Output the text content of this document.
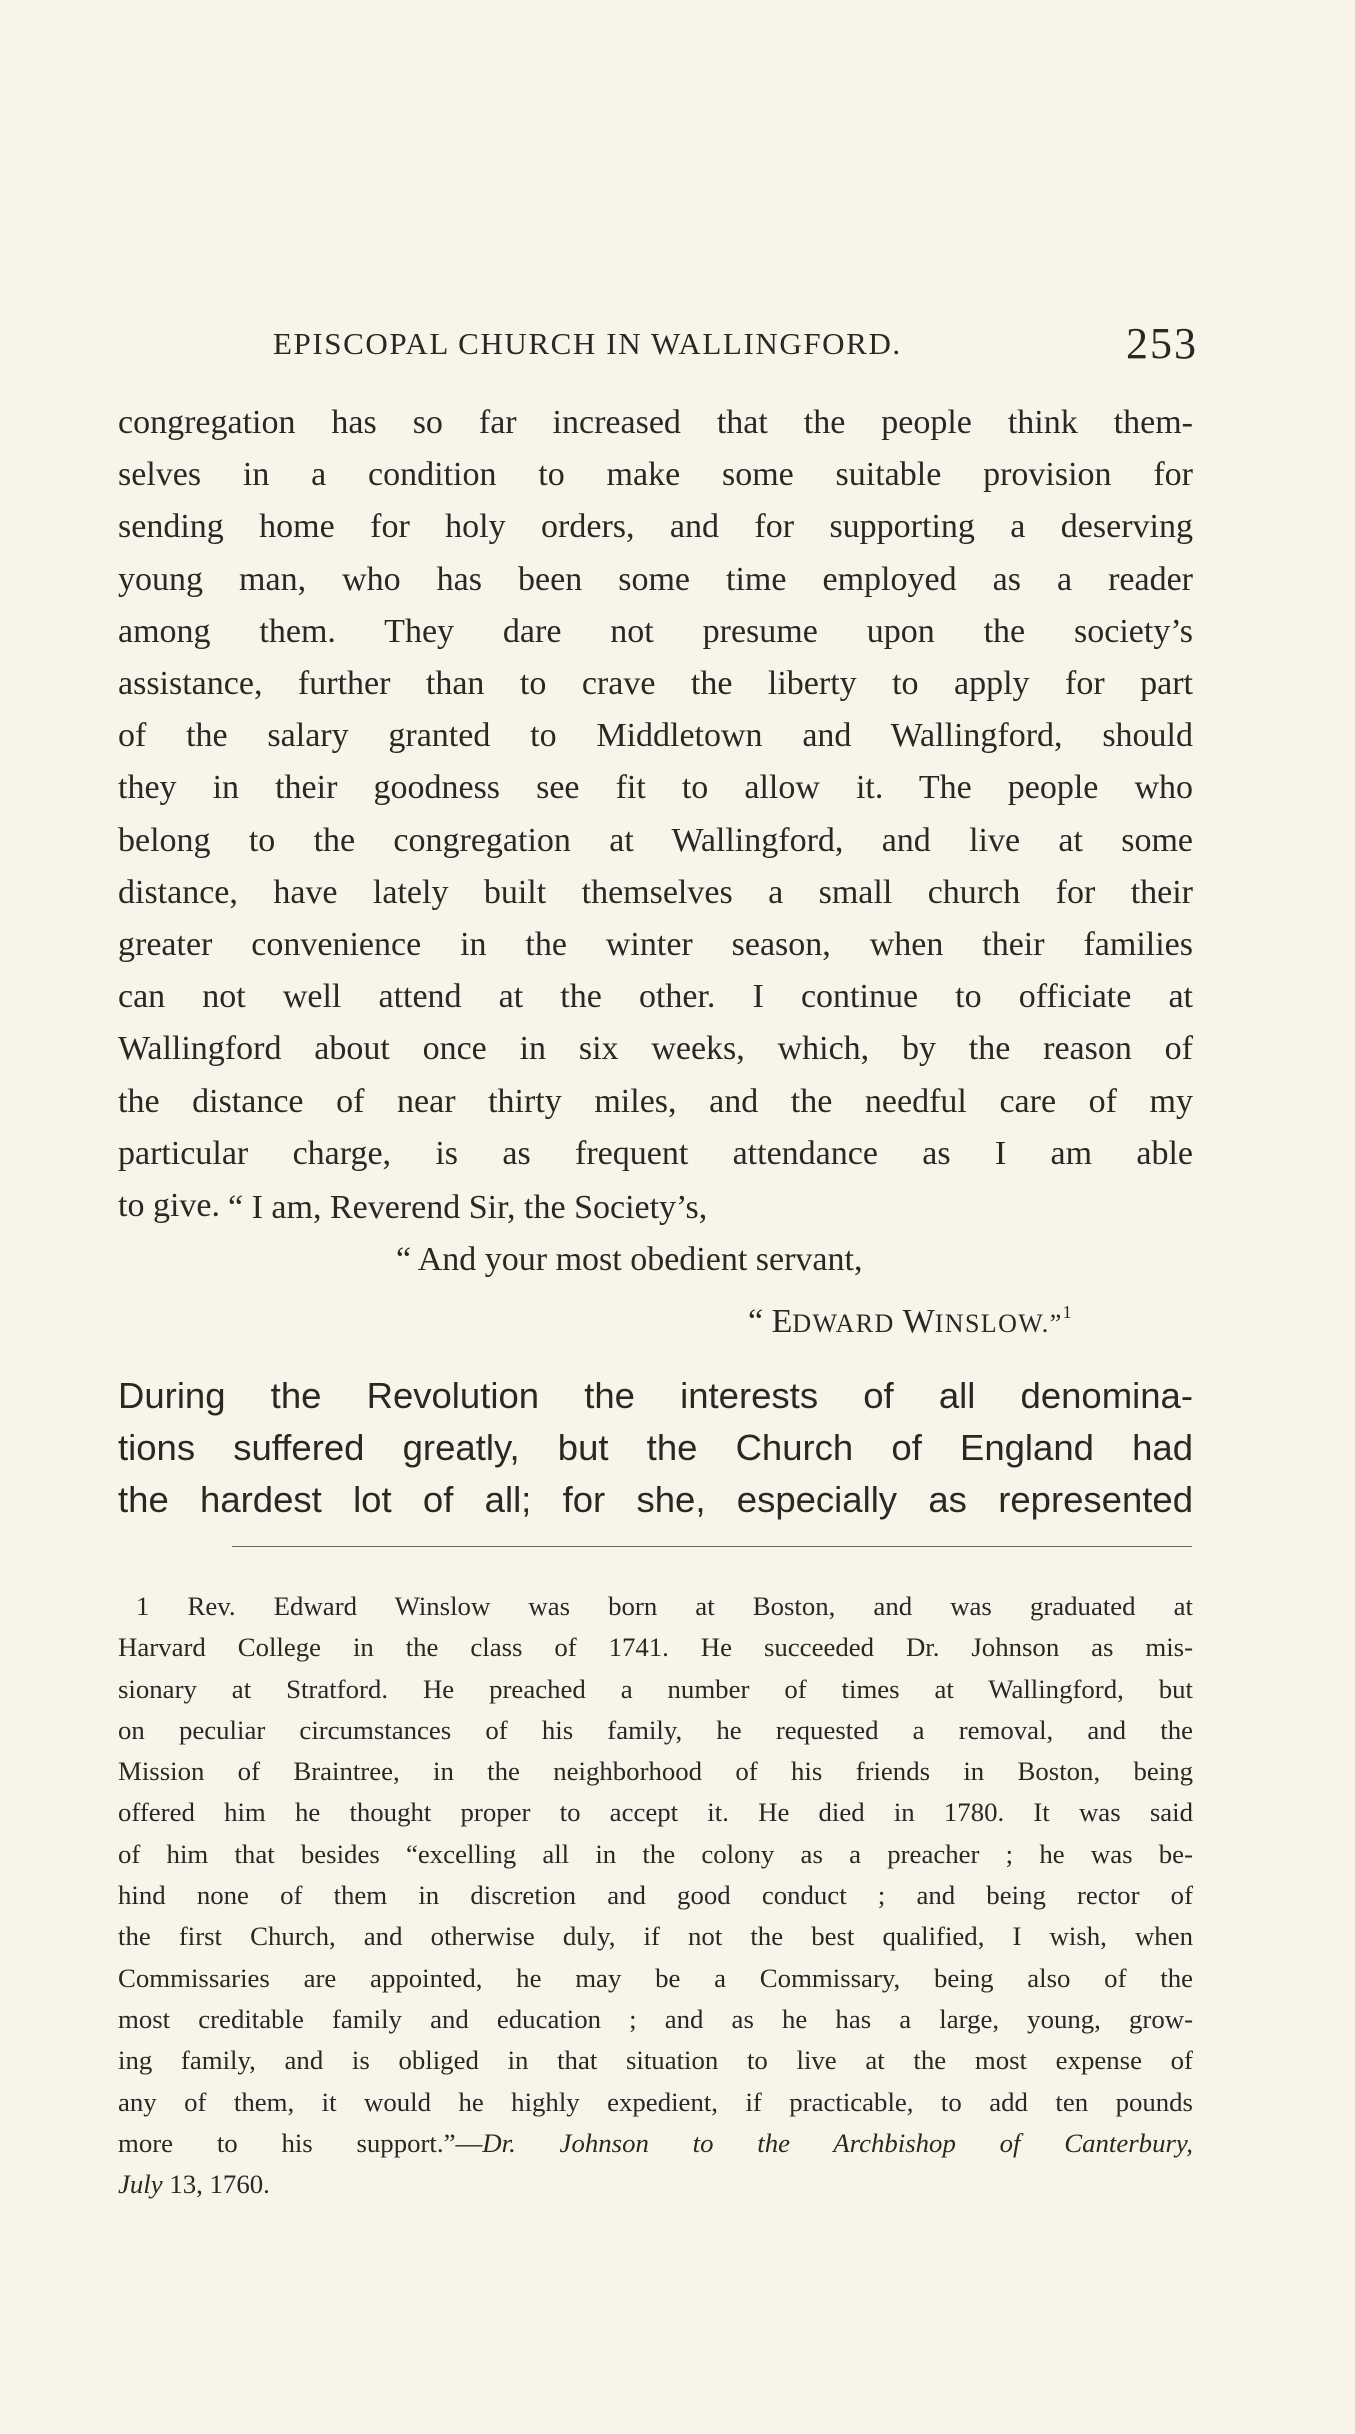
EPISCOPAL CHURCH IN WALLINGFORD.	253
congregation has so far increased that the people think them-
selves in a condition to make some suitable provision for
sending home for holy orders, and for supporting a deserving
young man, who has been some time employed as a reader
among them. They dare not presume upon the society’s
assistance, further than to crave the liberty to apply for part
of the salary granted to Middletown and Wallingford, should
they in their goodness see fit to allow it. The people who
belong to the congregation at Wallingford, and live at some
distance, have lately built themselves a small church for their
greater convenience in the winter season, when their families
can not well attend at the other. I continue to officiate at
Wallingford about once in six weeks, which, by the reason of
the distance of near thirty miles, and the needful care of my
particular charge, is as frequent attendance as I am able
to give. “ I am, Reverend Sir, the Society’s,
“ And your most obedient servant,
“ EDWARD WINSLOW.”$^1$
During the Revolution the interests of all denomina-
tions suffered greatly, but the Church of England had
the hardest lot of all; for she, especially as represented
1 Rev. Edward Winslow was born at Boston, and was graduated at
Harvard College in the class of 1741. He succeeded Dr. Johnson as mis-
sionary at Stratford. He preached a number of times at Wallingford, but
on peculiar circumstances of his family, he requested a removal, and the
Mission of Braintree, in the neighborhood of his friends in Boston, being
offered him he thought proper to accept it. He died in 1780. It was said
of him that besides “excelling all in the colony as a preacher ; he was be-
hind none of them in discretion and good conduct ; and being rector of
the first Church, and otherwise duly, if not the best qualified, I wish, when
Commissaries are appointed, he may be a Commissary, being also of the
most creditable family and education ; and as he has a large, young, grow-
ing family, and is obliged in that situation to live at the most expense of
any of them, it would he highly expedient, if practicable, to add ten pounds
more to his support.”—Dr. Johnson to the Archbishop of Canterbury,
July 13, 1760.
